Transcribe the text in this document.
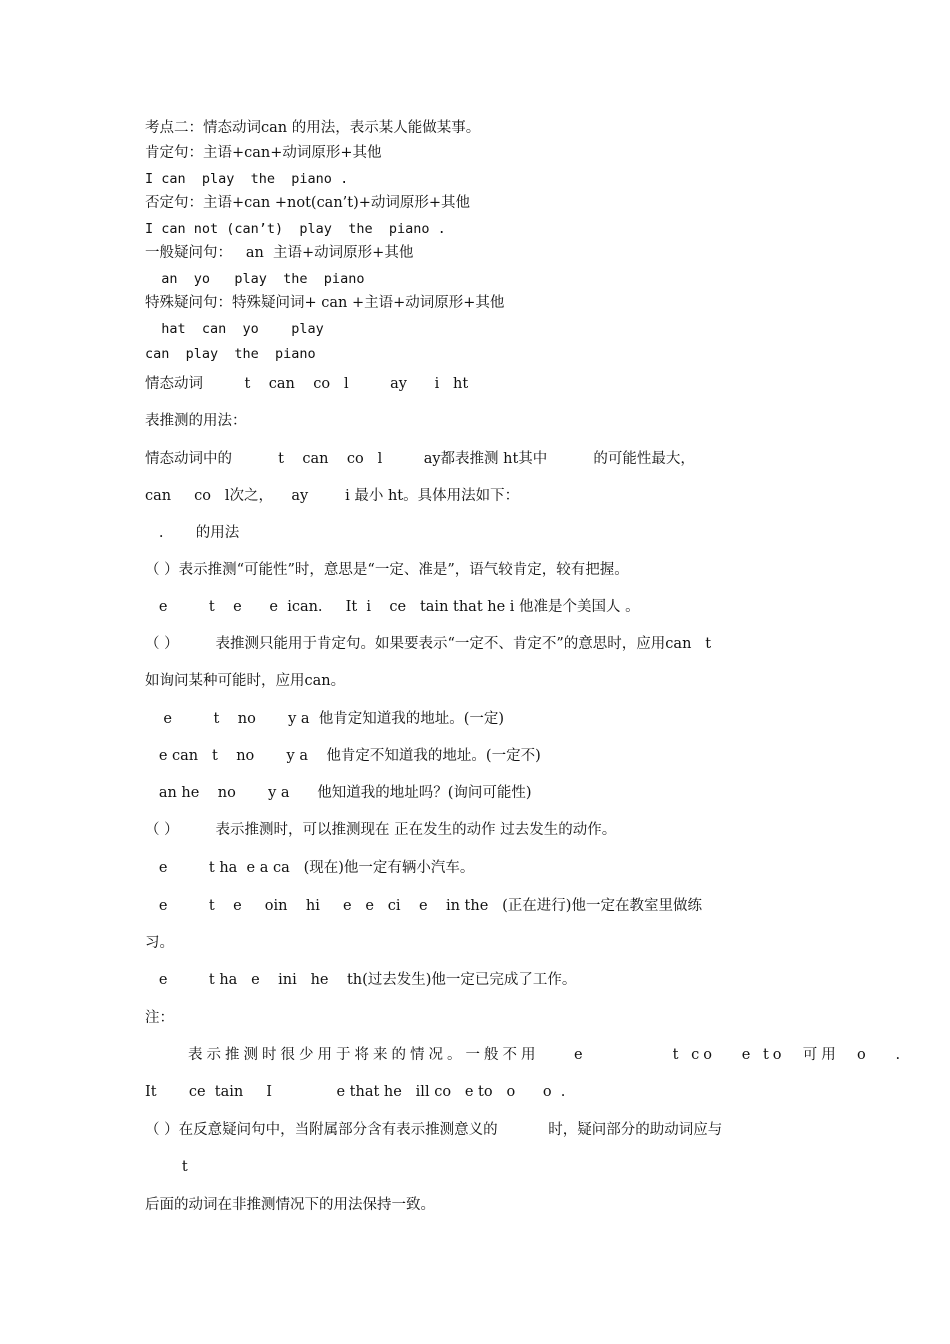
考点二：情态动词can 的用法，表示某人能做某事。
肯定句：主语+can+动词原形+其他
I can  play  the  piano .
否定句：主语+can +not(can’t)+动词原形+其他
I can not (can’t)  play  the  piano .
一般疑问句：   an  主语+动词原形+其他
an  yo   play  the  piano
特殊疑问句：特殊疑问词+ can +主语+动词原形+其他
hat  can  yo    play
can  play  the  piano
情态动词         t    can    co   l         ay      i   ht
表推测的用法：
情态动词中的          t    can    co   l         ay都表推测 ht其中          的可能性最大，
can     co   l次之，    ay        i 最小 ht。具体用法如下：
.       的用法
（ ）表示推测“可能性”时，意思是“一定、准是”，语气较肯定，较有把握。
e         t    e      e  ican.     It  i    ce   tain that he i 他准是个美国人 。
（ ）        表推测只能用于肯定句。如果要表示“一定不、肯定不”的意思时，应用can   t
如询问某种可能时，应用can。
e         t    no       y a  他肯定知道我的地址。(一定)
e can   t    no       y a    他肯定不知道我的地址。(一定不)
an he    no       y a      他知道我的地址吗？(询问可能性)
（ ）        表示推测时，可以推测现在 正在发生的动作 过去发生的动作。
e         t ha  e a ca   (现在)他一定有辆小汽车。
e         t    e     oin    hi     e   e   ci    e    in the   (正在进行)他一定在教室里做练
习。
e         t ha   e    ini   he    th(过去发生)他一定已完成了工作。
注：
表示推测时很少用于将来的情况。一般不用    e          t co   e to  可用  o   .
It       ce  tain     I              e that he   ill co   e to   o      o  .
（ ）在反意疑问句中，当附属部分含有表示推测意义的           时，疑问部分的助动词应与
t
后面的动词在非推测情况下的用法保持一致。
